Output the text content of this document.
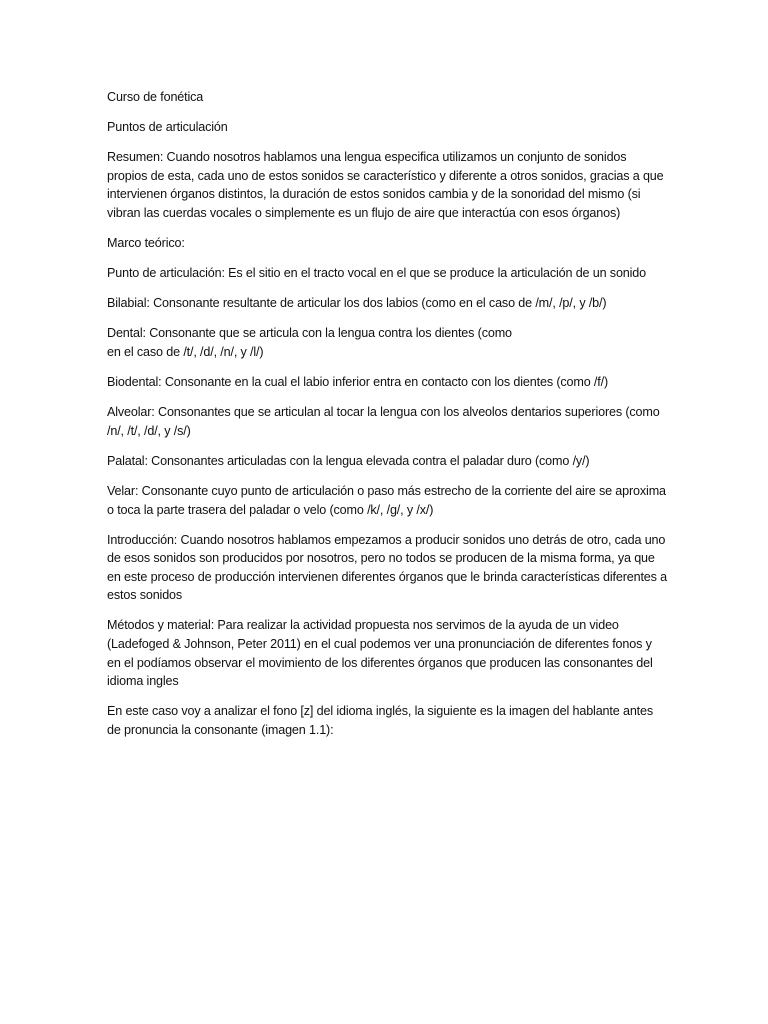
Curso de fonética

Puntos de articulación

Resumen: Cuando nosotros hablamos una lengua especifica utilizamos un conjunto de sonidos propios de esta, cada uno de estos sonidos se característico y diferente a otros sonidos, gracias a que intervienen órganos distintos, la duración de estos sonidos cambia y de la sonoridad del mismo (si vibran las cuerdas vocales o simplemente es un flujo de aire que interactúa con esos órganos)

Marco teórico:

Punto de articulación: Es el sitio en el tracto vocal en el que se produce la articulación de un sonido

Bilabial: Consonante resultante de articular los dos labios (como en el caso de /m/, /p/, y /b/)

Dental: Consonante que se articula con la lengua contra los dientes (como en el caso de /t/, /d/, /n/, y /l/)

Biodental: Consonante en la cual el labio inferior entra en contacto con los dientes (como /f/)

Alveolar: Consonantes que se articulan al tocar la lengua con los alveolos dentarios superiores (como /n/, /t/, /d/, y /s/)

Palatal: Consonantes articuladas con la lengua elevada contra el paladar duro (como /y/)

Velar: Consonante cuyo punto de articulación o paso más estrecho de la corriente del aire se aproxima o toca la parte trasera del paladar o velo (como /k/, /g/, y /x/)

Introducción: Cuando nosotros hablamos empezamos a producir sonidos uno detrás de otro, cada uno de esos sonidos son producidos por nosotros, pero no todos se producen de la misma forma, ya que en este proceso de producción intervienen diferentes órganos que le brinda características diferentes a estos sonidos

Métodos y material: Para realizar la actividad propuesta nos servimos de la ayuda de un video (Ladefoged & Johnson, Peter 2011) en el cual podemos ver una pronunciación de diferentes fonos y en el podíamos observar el movimiento de los diferentes órganos que producen las consonantes del idioma ingles

En este caso voy a analizar el fono [z] del idioma inglés, la siguiente es la imagen del hablante antes de pronuncia la consonante (imagen 1.1):
